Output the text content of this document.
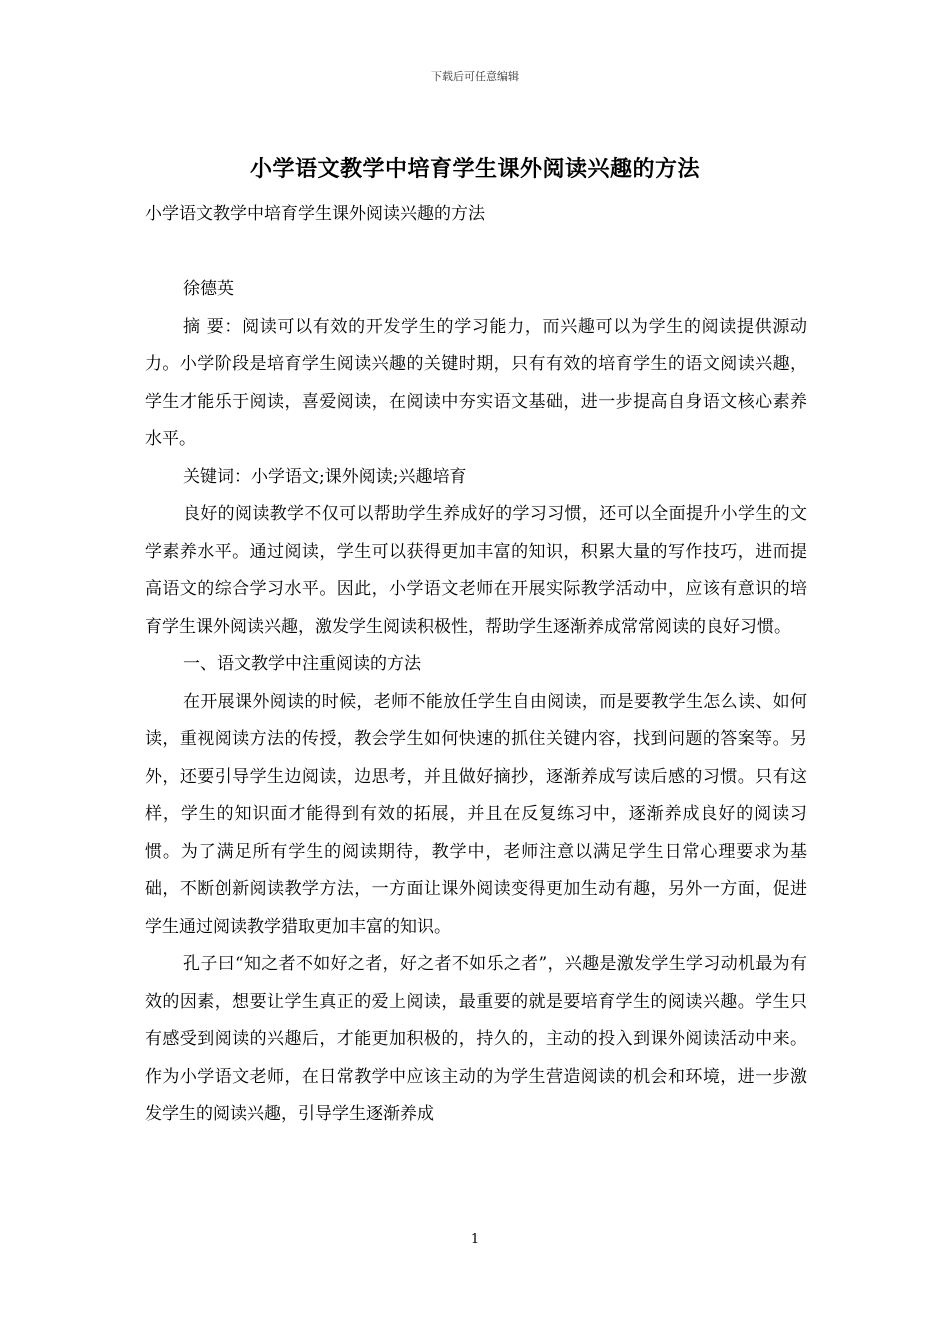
下载后可任意编辑
小学语文教学中培育学生课外阅读兴趣的方法

小学语文教学中培育学生课外阅读兴趣的方法

徐德英

摘 要：阅读可以有效的开发学生的学习能力，而兴趣可以为学生的阅读提供源动力。小学阶段是培育学生阅读兴趣的关键时期，只有有效的培育学生的语文阅读兴趣，学生才能乐于阅读，喜爱阅读，在阅读中夯实语文基础，进一步提高自身语文核心素养水平。

关键词：小学语文;课外阅读;兴趣培育

良好的阅读教学不仅可以帮助学生养成好的学习习惯，还可以全面提升小学生的文学素养水平。通过阅读，学生可以获得更加丰富的知识，积累大量的写作技巧，进而提高语文的综合学习水平。因此，小学语文老师在开展实际教学活动中，应该有意识的培育学生课外阅读兴趣，激发学生阅读积极性，帮助学生逐渐养成常常阅读的良好习惯。

一、语文教学中注重阅读的方法

在开展课外阅读的时候，老师不能放任学生自由阅读，而是要教学生怎么读、如何读，重视阅读方法的传授，教会学生如何快速的抓住关键内容，找到问题的答案等。另外，还要引导学生边阅读，边思考，并且做好摘抄，逐渐养成写读后感的习惯。只有这样，学生的知识面才能得到有效的拓展，并且在反复练习中，逐渐养成良好的阅读习惯。为了满足所有学生的阅读期待，教学中，老师注意以满足学生日常心理要求为基础，不断创新阅读教学方法，一方面让课外阅读变得更加生动有趣，另外一方面，促进学生通过阅读教学猎取更加丰富的知识。

孔子曰“知之者不如好之者，好之者不如乐之者”，兴趣是激发学生学习动机最为有效的因素，想要让学生真正的爱上阅读，最重要的就是要培育学生的阅读兴趣。学生只有感受到阅读的兴趣后，才能更加积极的，持久的，主动的投入到课外阅读活动中来。作为小学语文老师，在日常教学中应该主动的为学生营造阅读的机会和环境，进一步激发学生的阅读兴趣，引导学生逐渐养成

1
